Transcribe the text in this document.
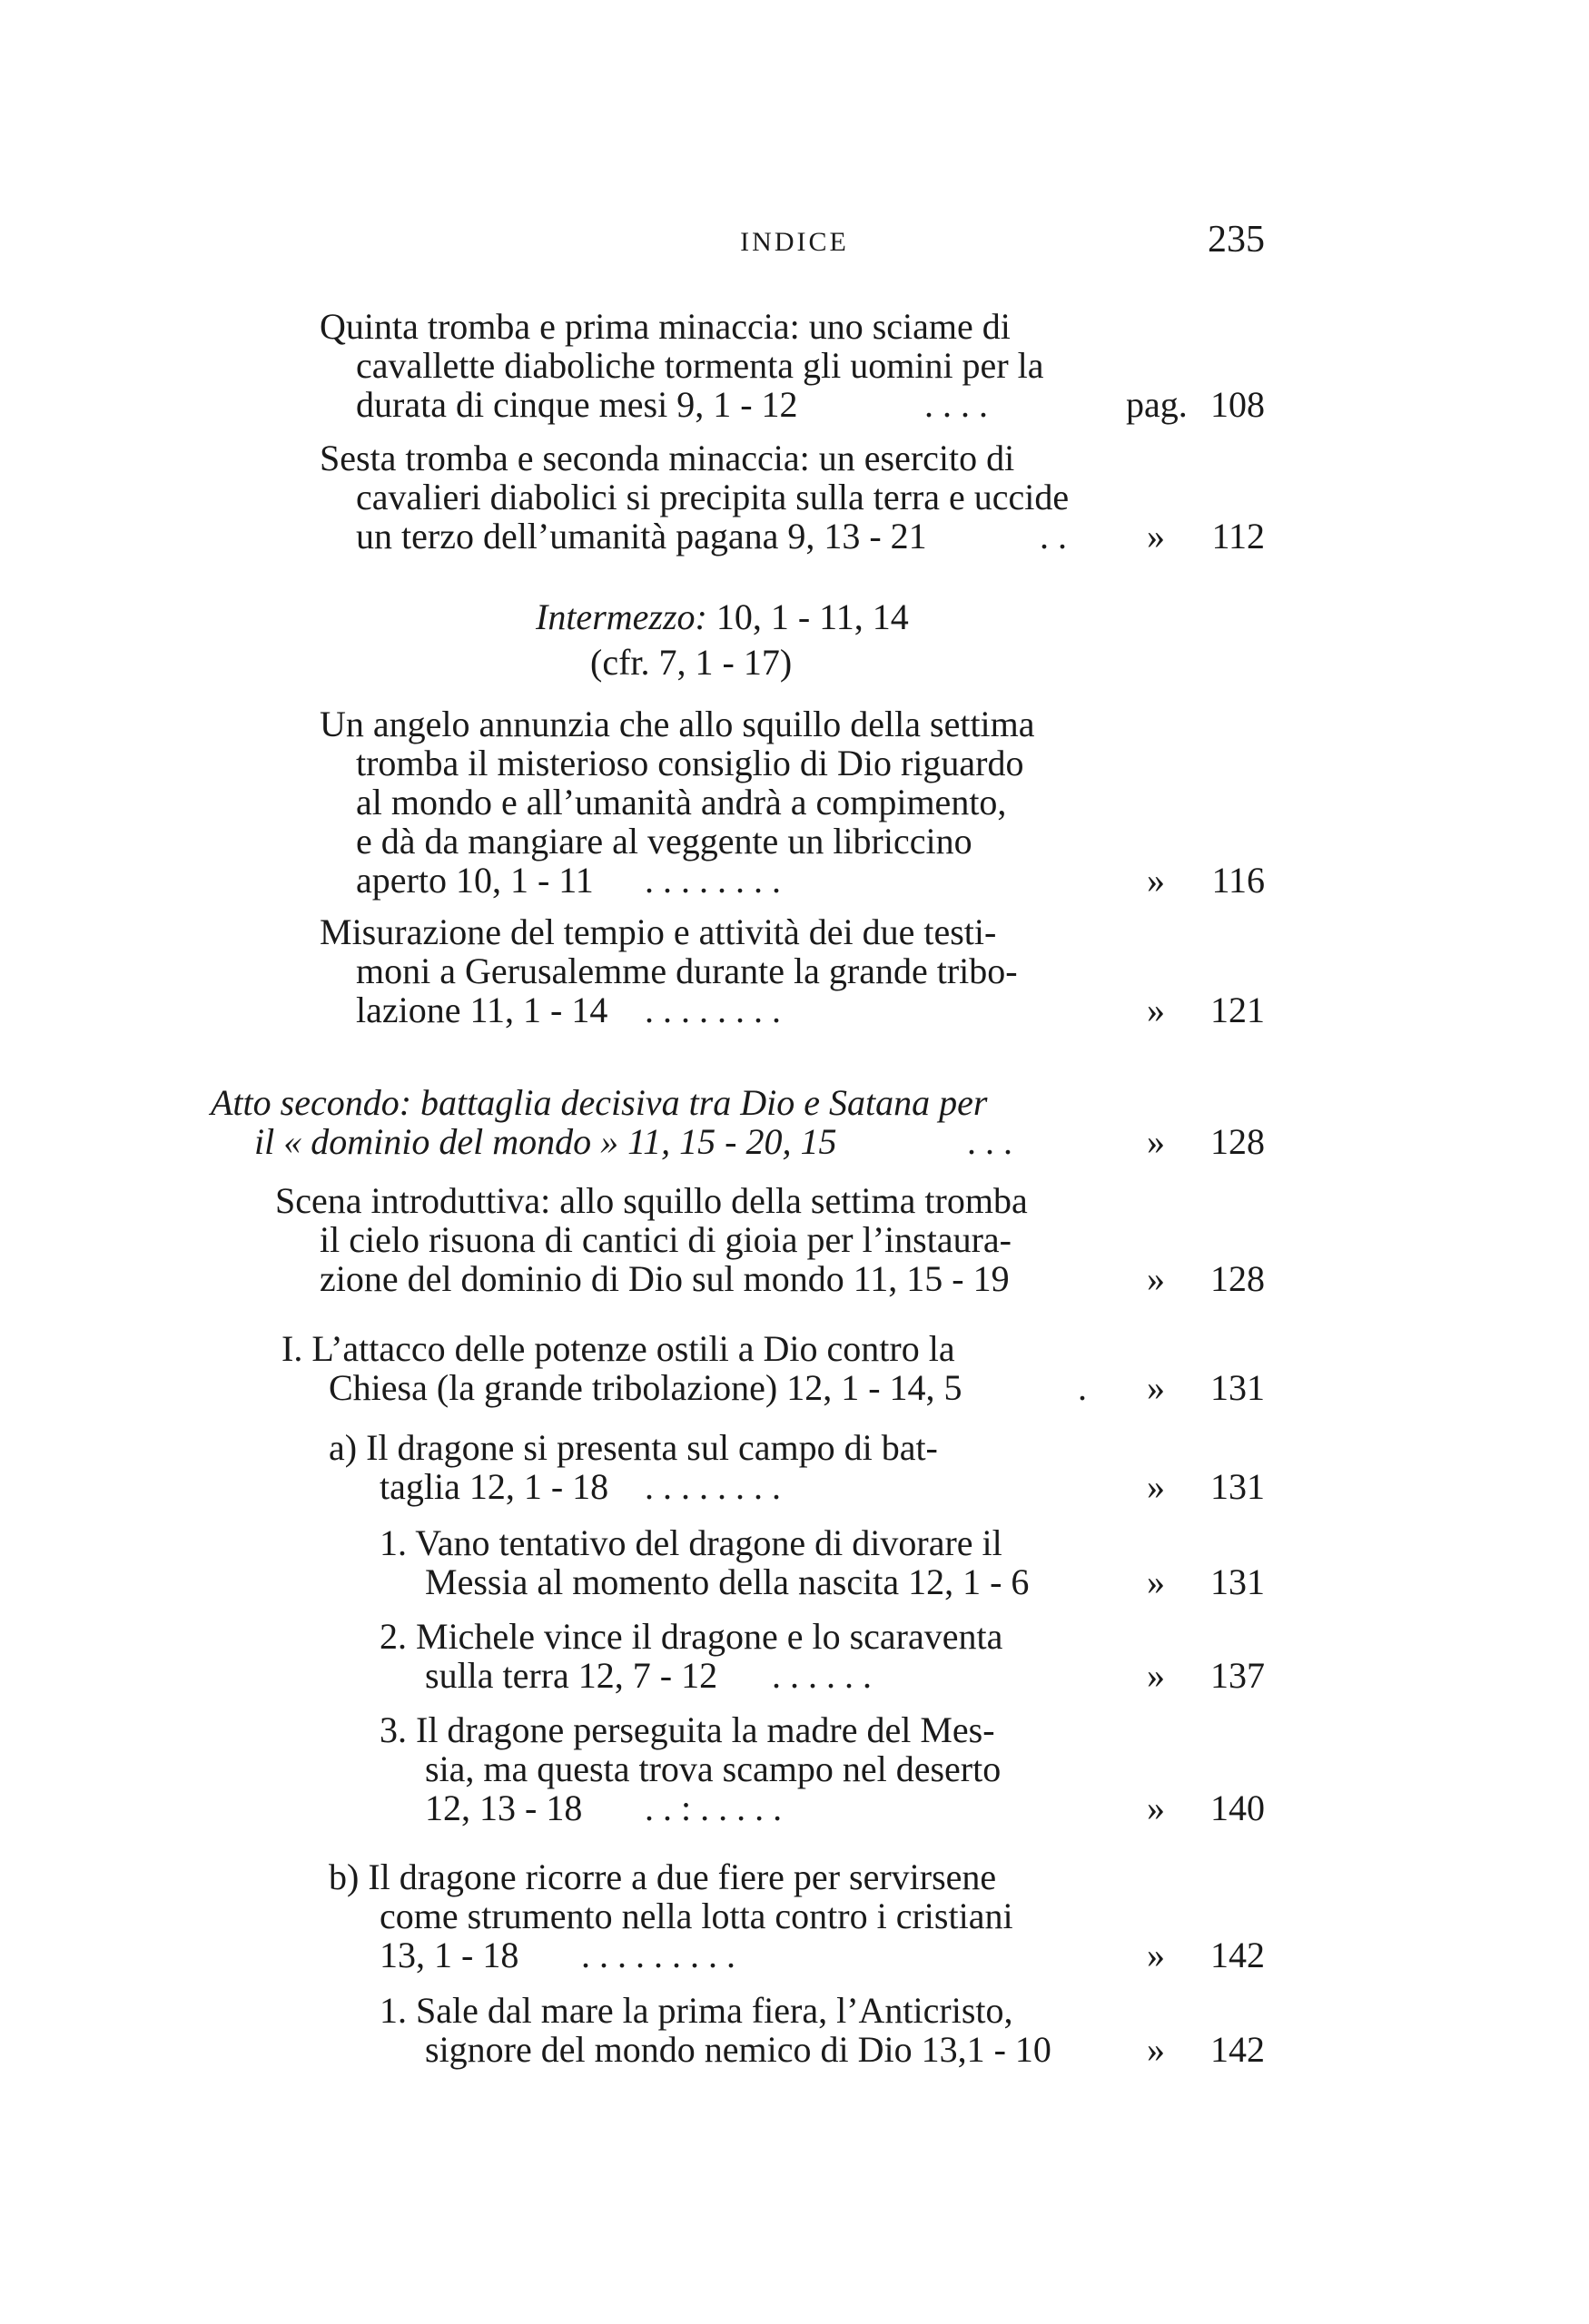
INDICE	235
Quinta tromba e prima minaccia: uno sciame di
cavallette diaboliche tormenta gli uomini per la
durata di cinque mesi 9, 1 - 12	. . . .	pag. 108
Sesta tromba e seconda minaccia: un esercito di
cavalieri diabolici si precipita sulla terra e uccide
un terzo dell’umanità pagana 9, 13 - 21	. . »	112
Intermezzo: 10, 1 - 11, 14
(cfr. 7, 1 - 17)
Un angelo annunzia che allo squillo della settima
tromba il misterioso consiglio di Dio riguardo
al mondo e all’umanità andrà a compimento,
e dà da mangiare al veggente un libriccino
aperto 10, 1 - 11 . . . . . . . .	»	116
Misurazione del tempio e attività dei due testi-
moni a Gerusalemme durante la grande tribo-
lazione 11, 1 - 14 . . . . . . . .	»	121
Atto secondo: battaglia decisiva tra Dio e Satana per
il « dominio del mondo » 11, 15 - 20, 15	. . .	»	128
Scena introduttiva: allo squillo della settima tromba
il cielo risuona di cantici di gioia per l’instaura-
zione del dominio di Dio sul mondo 11, 15 - 19	»	128
I. L’attacco delle potenze ostili a Dio contro la
Chiesa (la grande tribolazione) 12, 1 - 14, 5	. »	131
a) Il dragone si presenta sul campo di bat-
taglia 12, 1 - 18 . . . . . . . .	»	131
1. Vano tentativo del dragone di divorare il
Messia al momento della nascita 12, 1 - 6	»	131
2. Michele vince il dragone e lo scaraventa
sulla terra 12, 7 - 12 . . . . . .	»	137
3. Il dragone perseguita la madre del Mes-
sia, ma questa trova scampo nel deserto
12, 13 - 18 . . : . . . . .	»	140
b) Il dragone ricorre a due fiere per servirsene
come strumento nella lotta contro i cristiani
13, 1 - 18 . . . . . . . . .	»	142
1. Sale dal mare la prima fiera, l’Anticristo,
signore del mondo nemico di Dio 13,1 - 10	»	142
